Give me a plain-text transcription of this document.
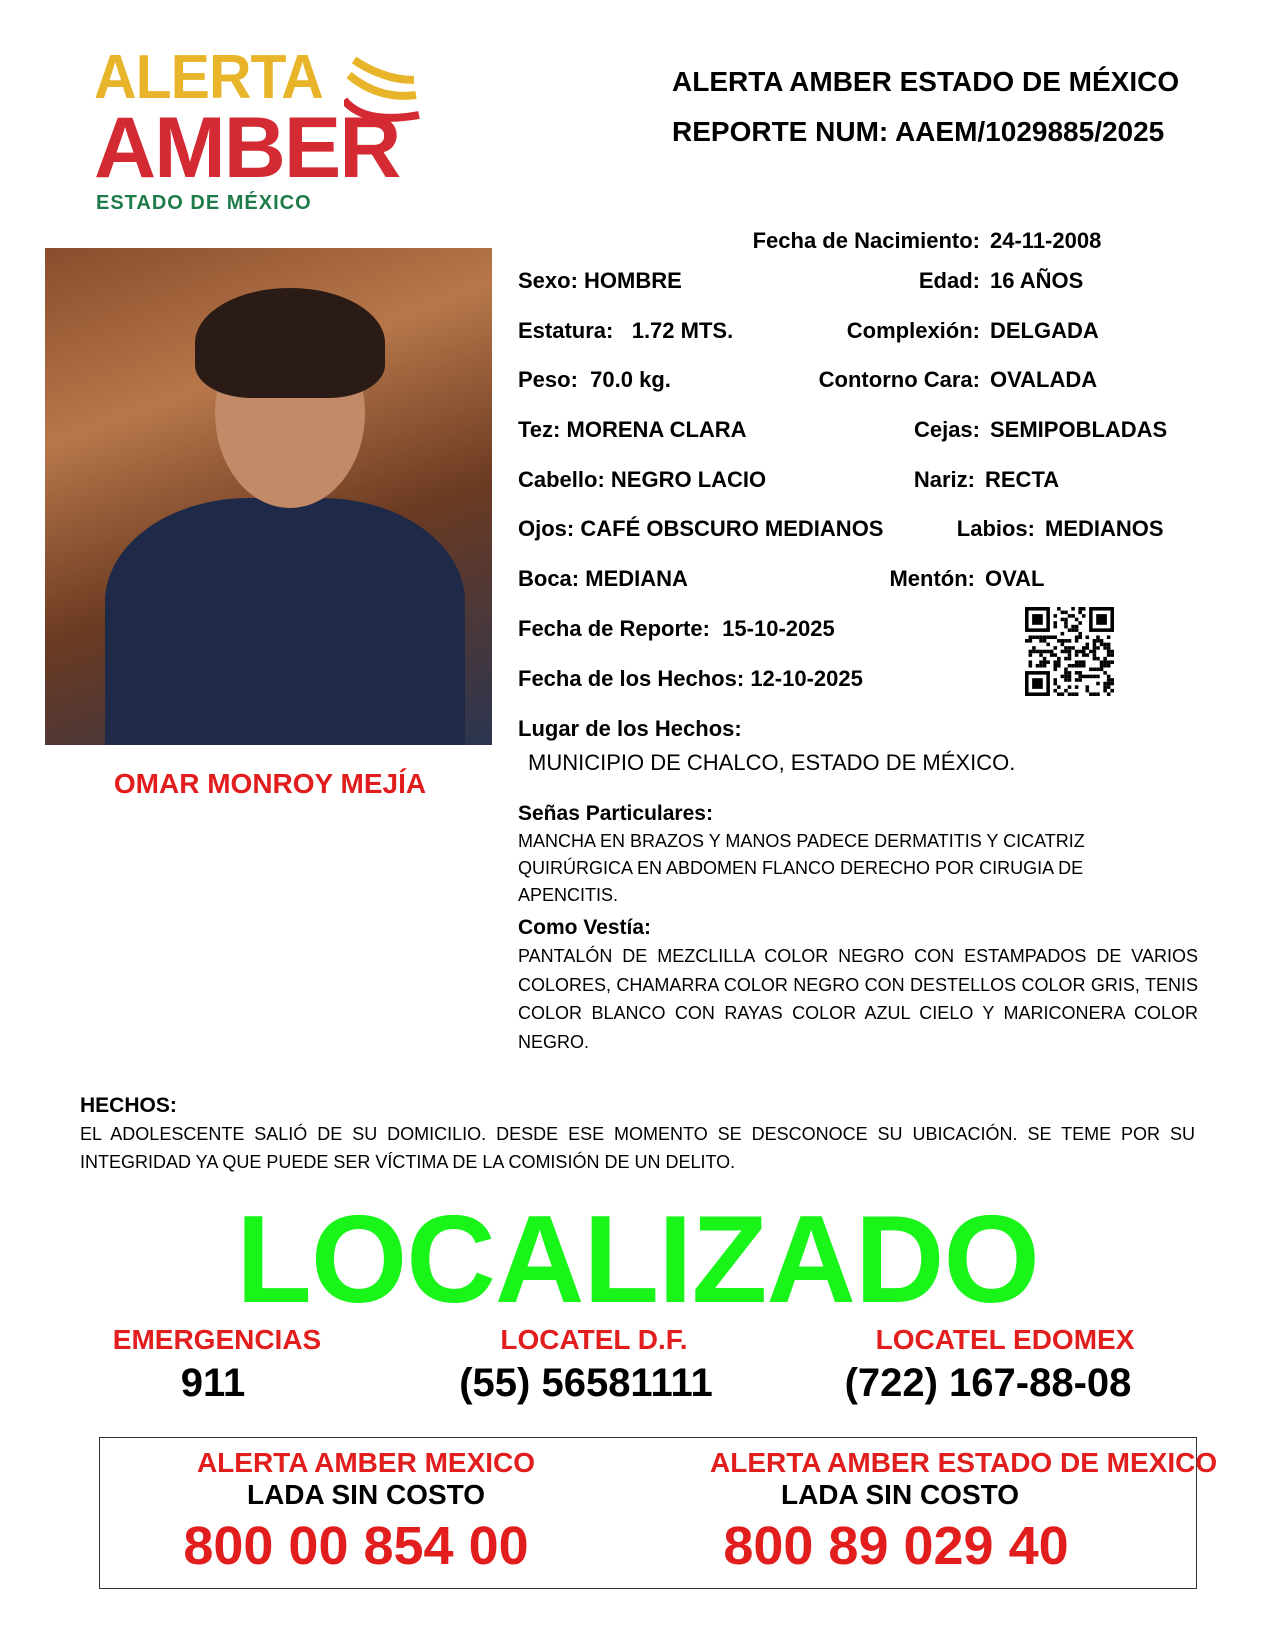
ALERTA
AMBER
ESTADO DE MÉXICO
ALERTA AMBER ESTADO DE MÉXICO
REPORTE NUM: AAEM/1029885/2025
OMAR MONROY MEJÍA
Fecha de Nacimiento: 24-11-2008
Sexo: HOMBRE	Edad: 16 AÑOS
Estatura: 1.72 MTS.	Complexión: DELGADA
Peso: 70.0 kg.	Contorno Cara: OVALADA
Tez: MORENA CLARA	Cejas: SEMIPOBLADAS
Cabello: NEGRO LACIO	Nariz: RECTA
Ojos: CAFÉ OBSCURO MEDIANOS	Labios: MEDIANOS
Boca: MEDIANA	Mentón: OVAL
Fecha de Reporte: 15-10-2025
Fecha de los Hechos: 12-10-2025
Lugar de los Hechos:
MUNICIPIO DE CHALCO, ESTADO DE MÉXICO.
Señas Particulares:
MANCHA EN BRAZOS Y MANOS PADECE DERMATITIS Y CICATRIZ
QUIRÚRGICA EN ABDOMEN FLANCO DERECHO POR CIRUGIA DE
APENCITIS.
Como Vestía:
PANTALÓN DE MEZCLILLA COLOR NEGRO CON ESTAMPADOS DE VARIOS COLORES, CHAMARRA COLOR NEGRO CON DESTELLOS COLOR GRIS, TENIS COLOR BLANCO CON RAYAS COLOR AZUL CIELO Y MARICONERA COLOR NEGRO.
HECHOS:
EL ADOLESCENTE SALIÓ DE SU DOMICILIO. DESDE ESE MOMENTO SE DESCONOCE SU UBICACIÓN. SE TEME POR SU INTEGRIDAD YA QUE PUEDE SER VÍCTIMA DE LA COMISIÓN DE UN DELITO.
LOCALIZADO
EMERGENCIAS
911
LOCATEL D.F.
(55) 56581111
LOCATEL EDOMEX
(722) 167-88-08
ALERTA AMBER MEXICO
LADA SIN COSTO
800 00 854 00
ALERTA AMBER ESTADO DE MEXICO
LADA SIN COSTO
800 89 029 40
